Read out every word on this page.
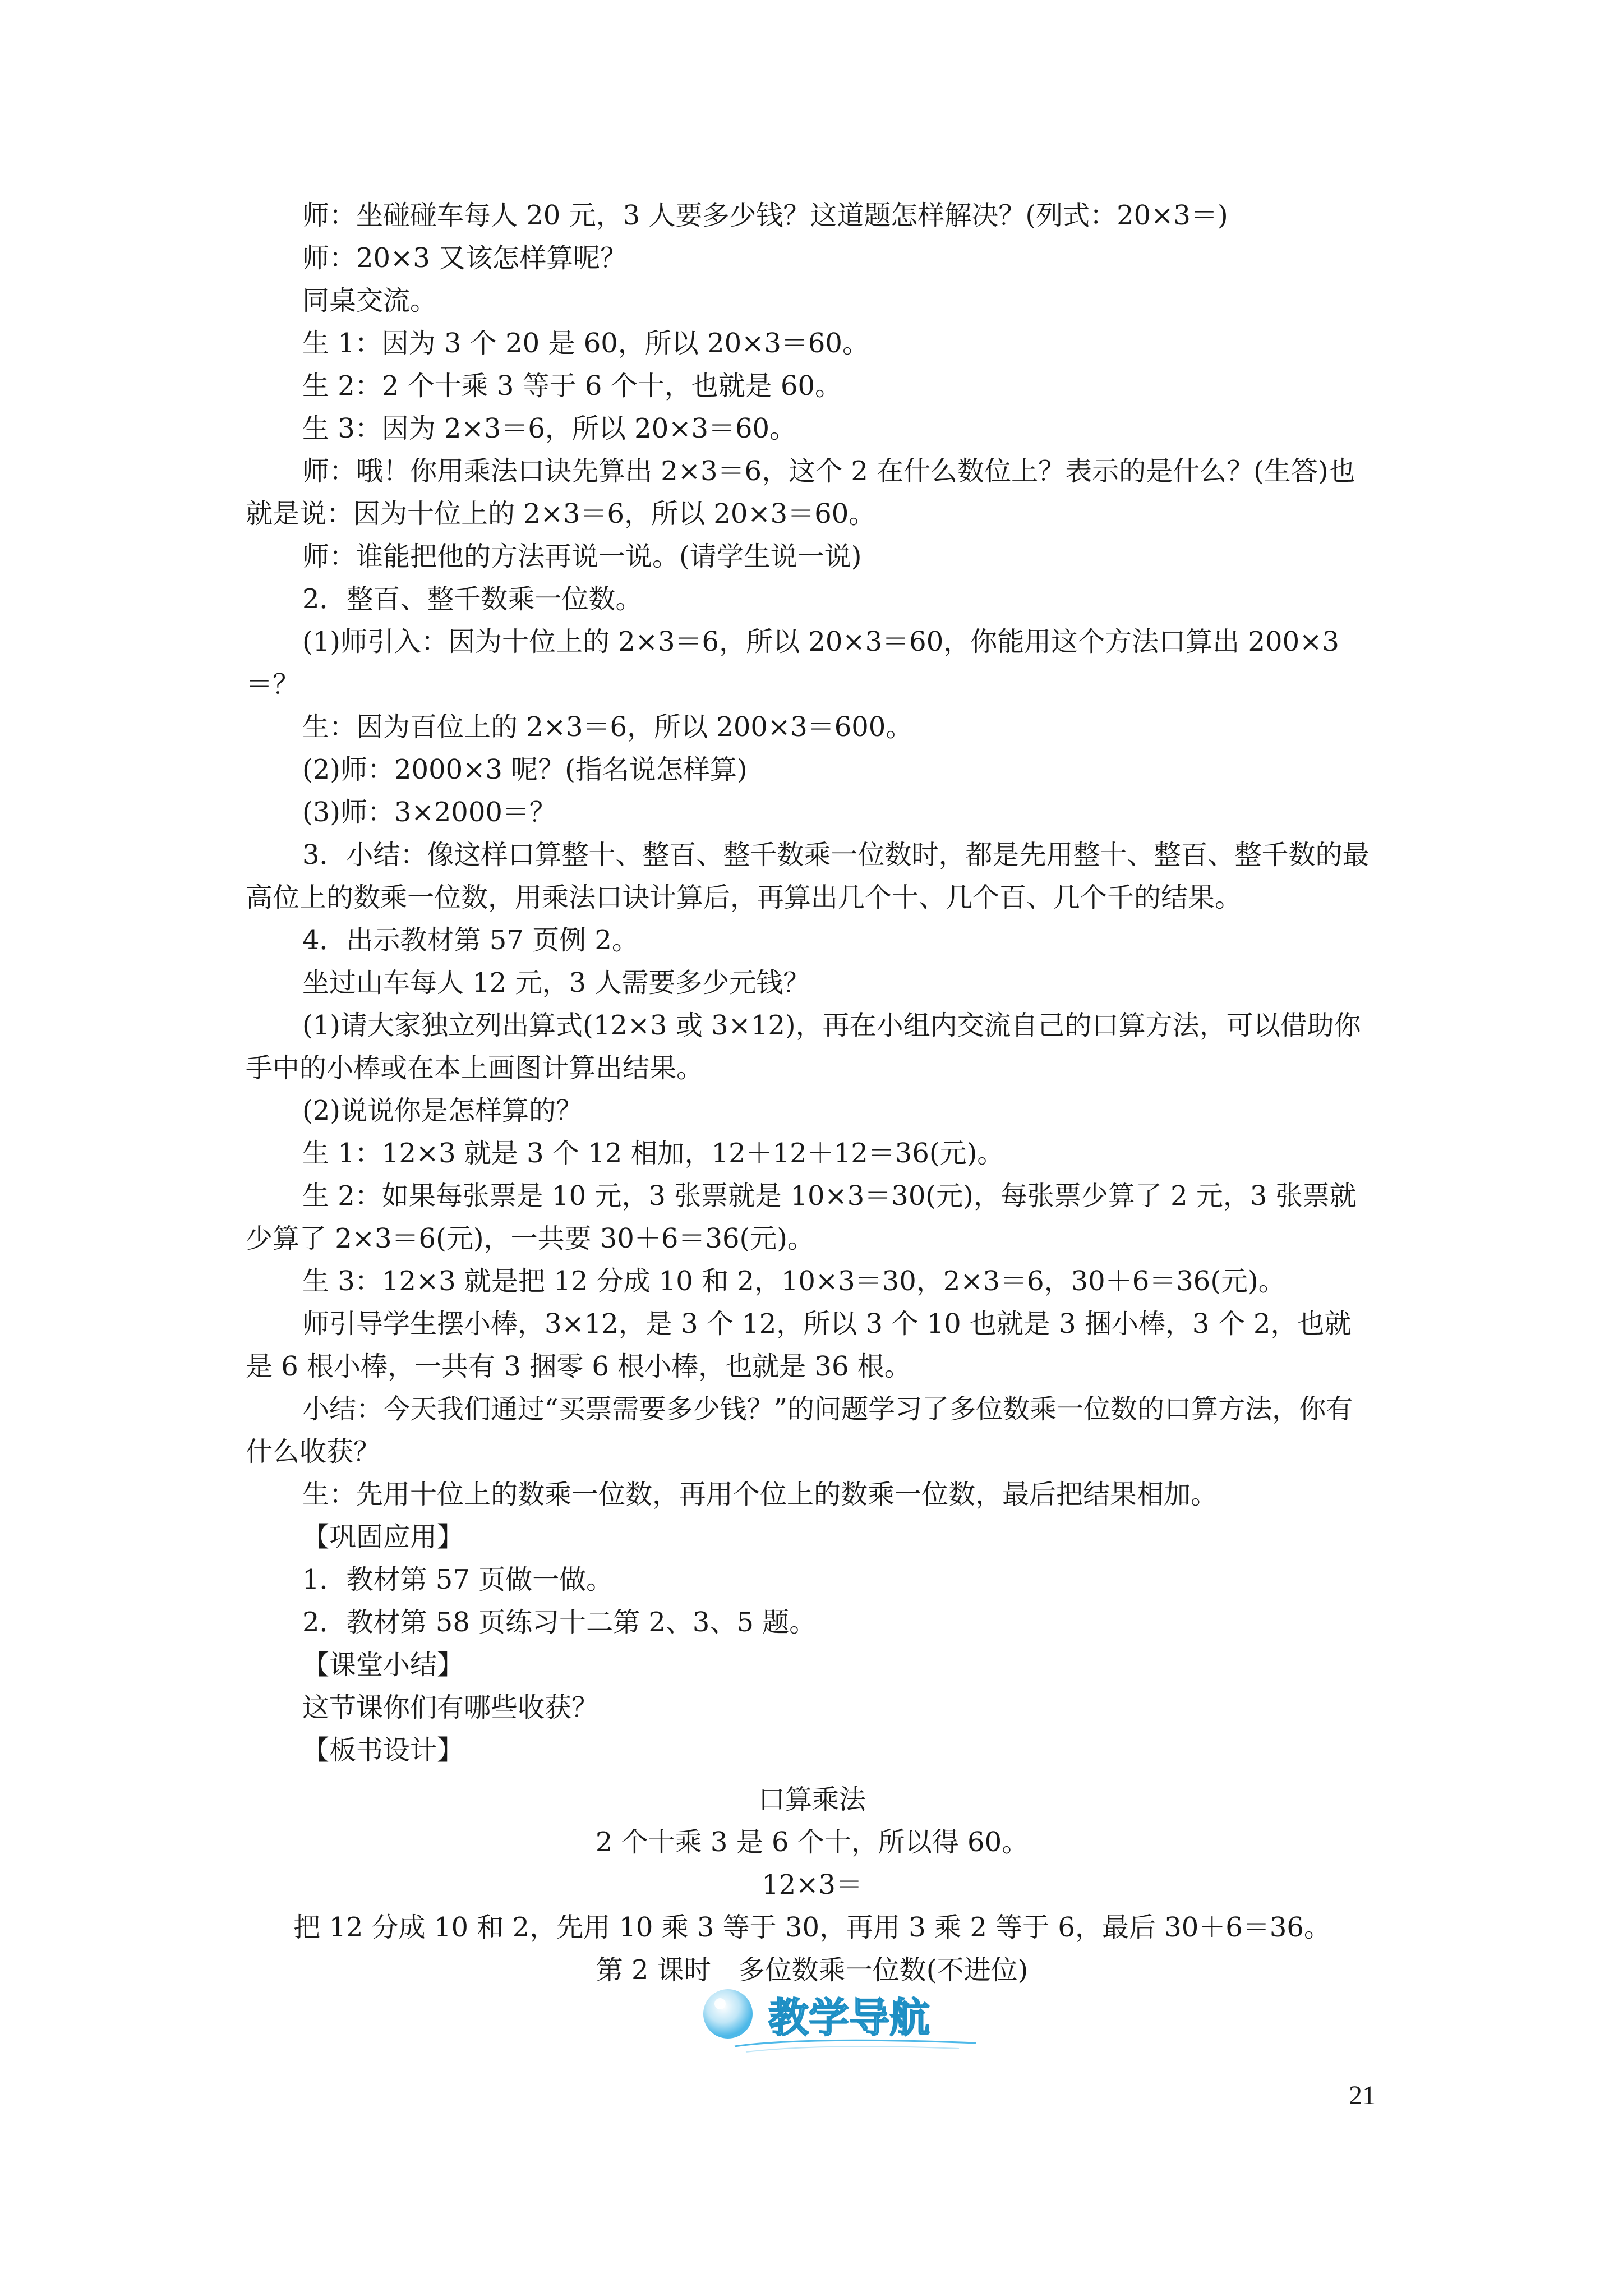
师：坐碰碰车每人 20 元，3 人要多少钱？这道题怎样解决？(列式：20×3＝)

师：20×3 又该怎样算呢？

同桌交流。

生 1：因为 3 个 20 是 60，所以 20×3＝60。

生 2：2 个十乘 3 等于 6 个十，也就是 60。

生 3：因为 2×3＝6，所以 20×3＝60。

师：哦！你用乘法口诀先算出 2×3＝6，这个 2 在什么数位上？表示的是什么？(生答)也就是说：因为十位上的 2×3＝6，所以 20×3＝60。

师：谁能把他的方法再说一说。(请学生说一说)

2．整百、整千数乘一位数。

(1)师引入：因为十位上的 2×3＝6，所以 20×3＝60，你能用这个方法口算出 200×3＝？

生：因为百位上的 2×3＝6，所以 200×3＝600。

(2)师：2000×3 呢？(指名说怎样算)

(3)师：3×2000＝？

3．小结：像这样口算整十、整百、整千数乘一位数时，都是先用整十、整百、整千数的最高位上的数乘一位数，用乘法口诀计算后，再算出几个十、几个百、几个千的结果。

4．出示教材第 57 页例 2。

坐过山车每人 12 元，3 人需要多少元钱？

(1)请大家独立列出算式(12×3 或 3×12)，再在小组内交流自己的口算方法，可以借助你手中的小棒或在本上画图计算出结果。

(2)说说你是怎样算的？

生 1：12×3 就是 3 个 12 相加，12＋12＋12＝36(元)。

生 2：如果每张票是 10 元，3 张票就是 10×3＝30(元)，每张票少算了 2 元，3 张票就少算了 2×3＝6(元)，一共要 30＋6＝36(元)。

生 3：12×3 就是把 12 分成 10 和 2，10×3＝30，2×3＝6，30＋6＝36(元)。

师引导学生摆小棒，3×12，是 3 个 12，所以 3 个 10 也就是 3 捆小棒，3 个 2，也就是 6 根小棒，一共有 3 捆零 6 根小棒，也就是 36 根。

小结：今天我们通过“买票需要多少钱？”的问题学习了多位数乘一位数的口算方法，你有什么收获？

生：先用十位上的数乘一位数，再用个位上的数乘一位数，最后把结果相加。

【巩固应用】

1．教材第 57 页做一做。

2．教材第 58 页练习十二第 2、3、5 题。

【课堂小结】

这节课你们有哪些收获？

【板书设计】

口算乘法

2 个十乘 3 是 6 个十，所以得 60。

12×3＝

把 12 分成 10 和 2，先用 10 乘 3 等于 30，再用 3 乘 2 等于 6，最后 30＋6＝36。

第 2 课时　多位数乘一位数(不进位)

教学导航
21
